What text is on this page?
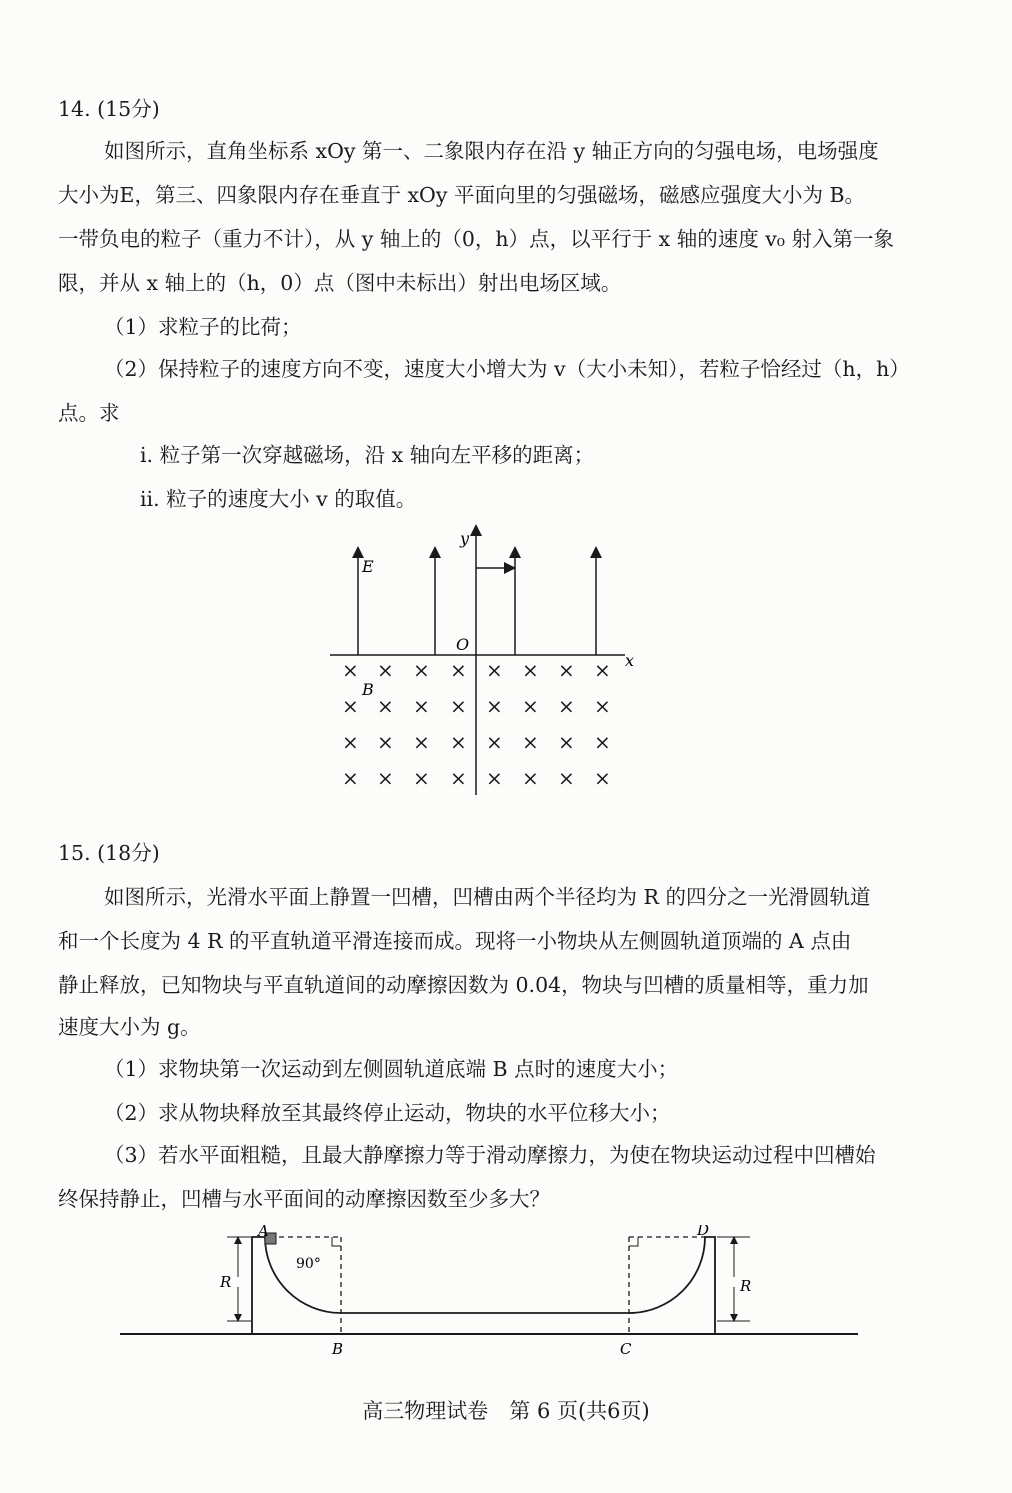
14. (15分)
如图所示，直角坐标系 xOy 第一、二象限内存在沿 y 轴正方向的匀强电场，电场强度
大小为E，第三、四象限内存在垂直于 xOy 平面向里的匀强磁场，磁感应强度大小为 B。
一带负电的粒子（重力不计），从 y 轴上的（0，h）点，以平行于 x 轴的速度 v₀ 射入第一象
限，并从 x 轴上的（h，0）点（图中未标出）射出电场区域。
（1）求粒子的比荷；
（2）保持粒子的速度方向不变，速度大小增大为 v（大小未知），若粒子恰经过（h，h）
点。求
ⅰ. 粒子第一次穿越磁场，沿 x 轴向左平移的距离；
ⅱ. 粒子的速度大小 v 的取值。
y
x
O
E
× × × × × × × ×
× × × × × × × ×
× × × × × × × ×
× × × × × × × ×
B
15. (18分)
如图所示，光滑水平面上静置一凹槽，凹槽由两个半径均为 R 的四分之一光滑圆轨道
和一个长度为 4 R 的平直轨道平滑连接而成。现将一小物块从左侧圆轨道顶端的 A 点由
静止释放，已知物块与平直轨道间的动摩擦因数为 0.04，物块与凹槽的质量相等，重力加
速度大小为 g。
（1）求物块第一次运动到左侧圆轨道底端 B 点时的速度大小；
（2）求从物块释放至其最终停止运动，物块的水平位移大小；
（3）若水平面粗糙，且最大静摩擦力等于滑动摩擦力，为使在物块运动过程中凹槽始
终保持静止，凹槽与水平面间的动摩擦因数至少多大？
A
B	C
D
R	R
90°
高三物理试卷　第 6 页(共6页)
